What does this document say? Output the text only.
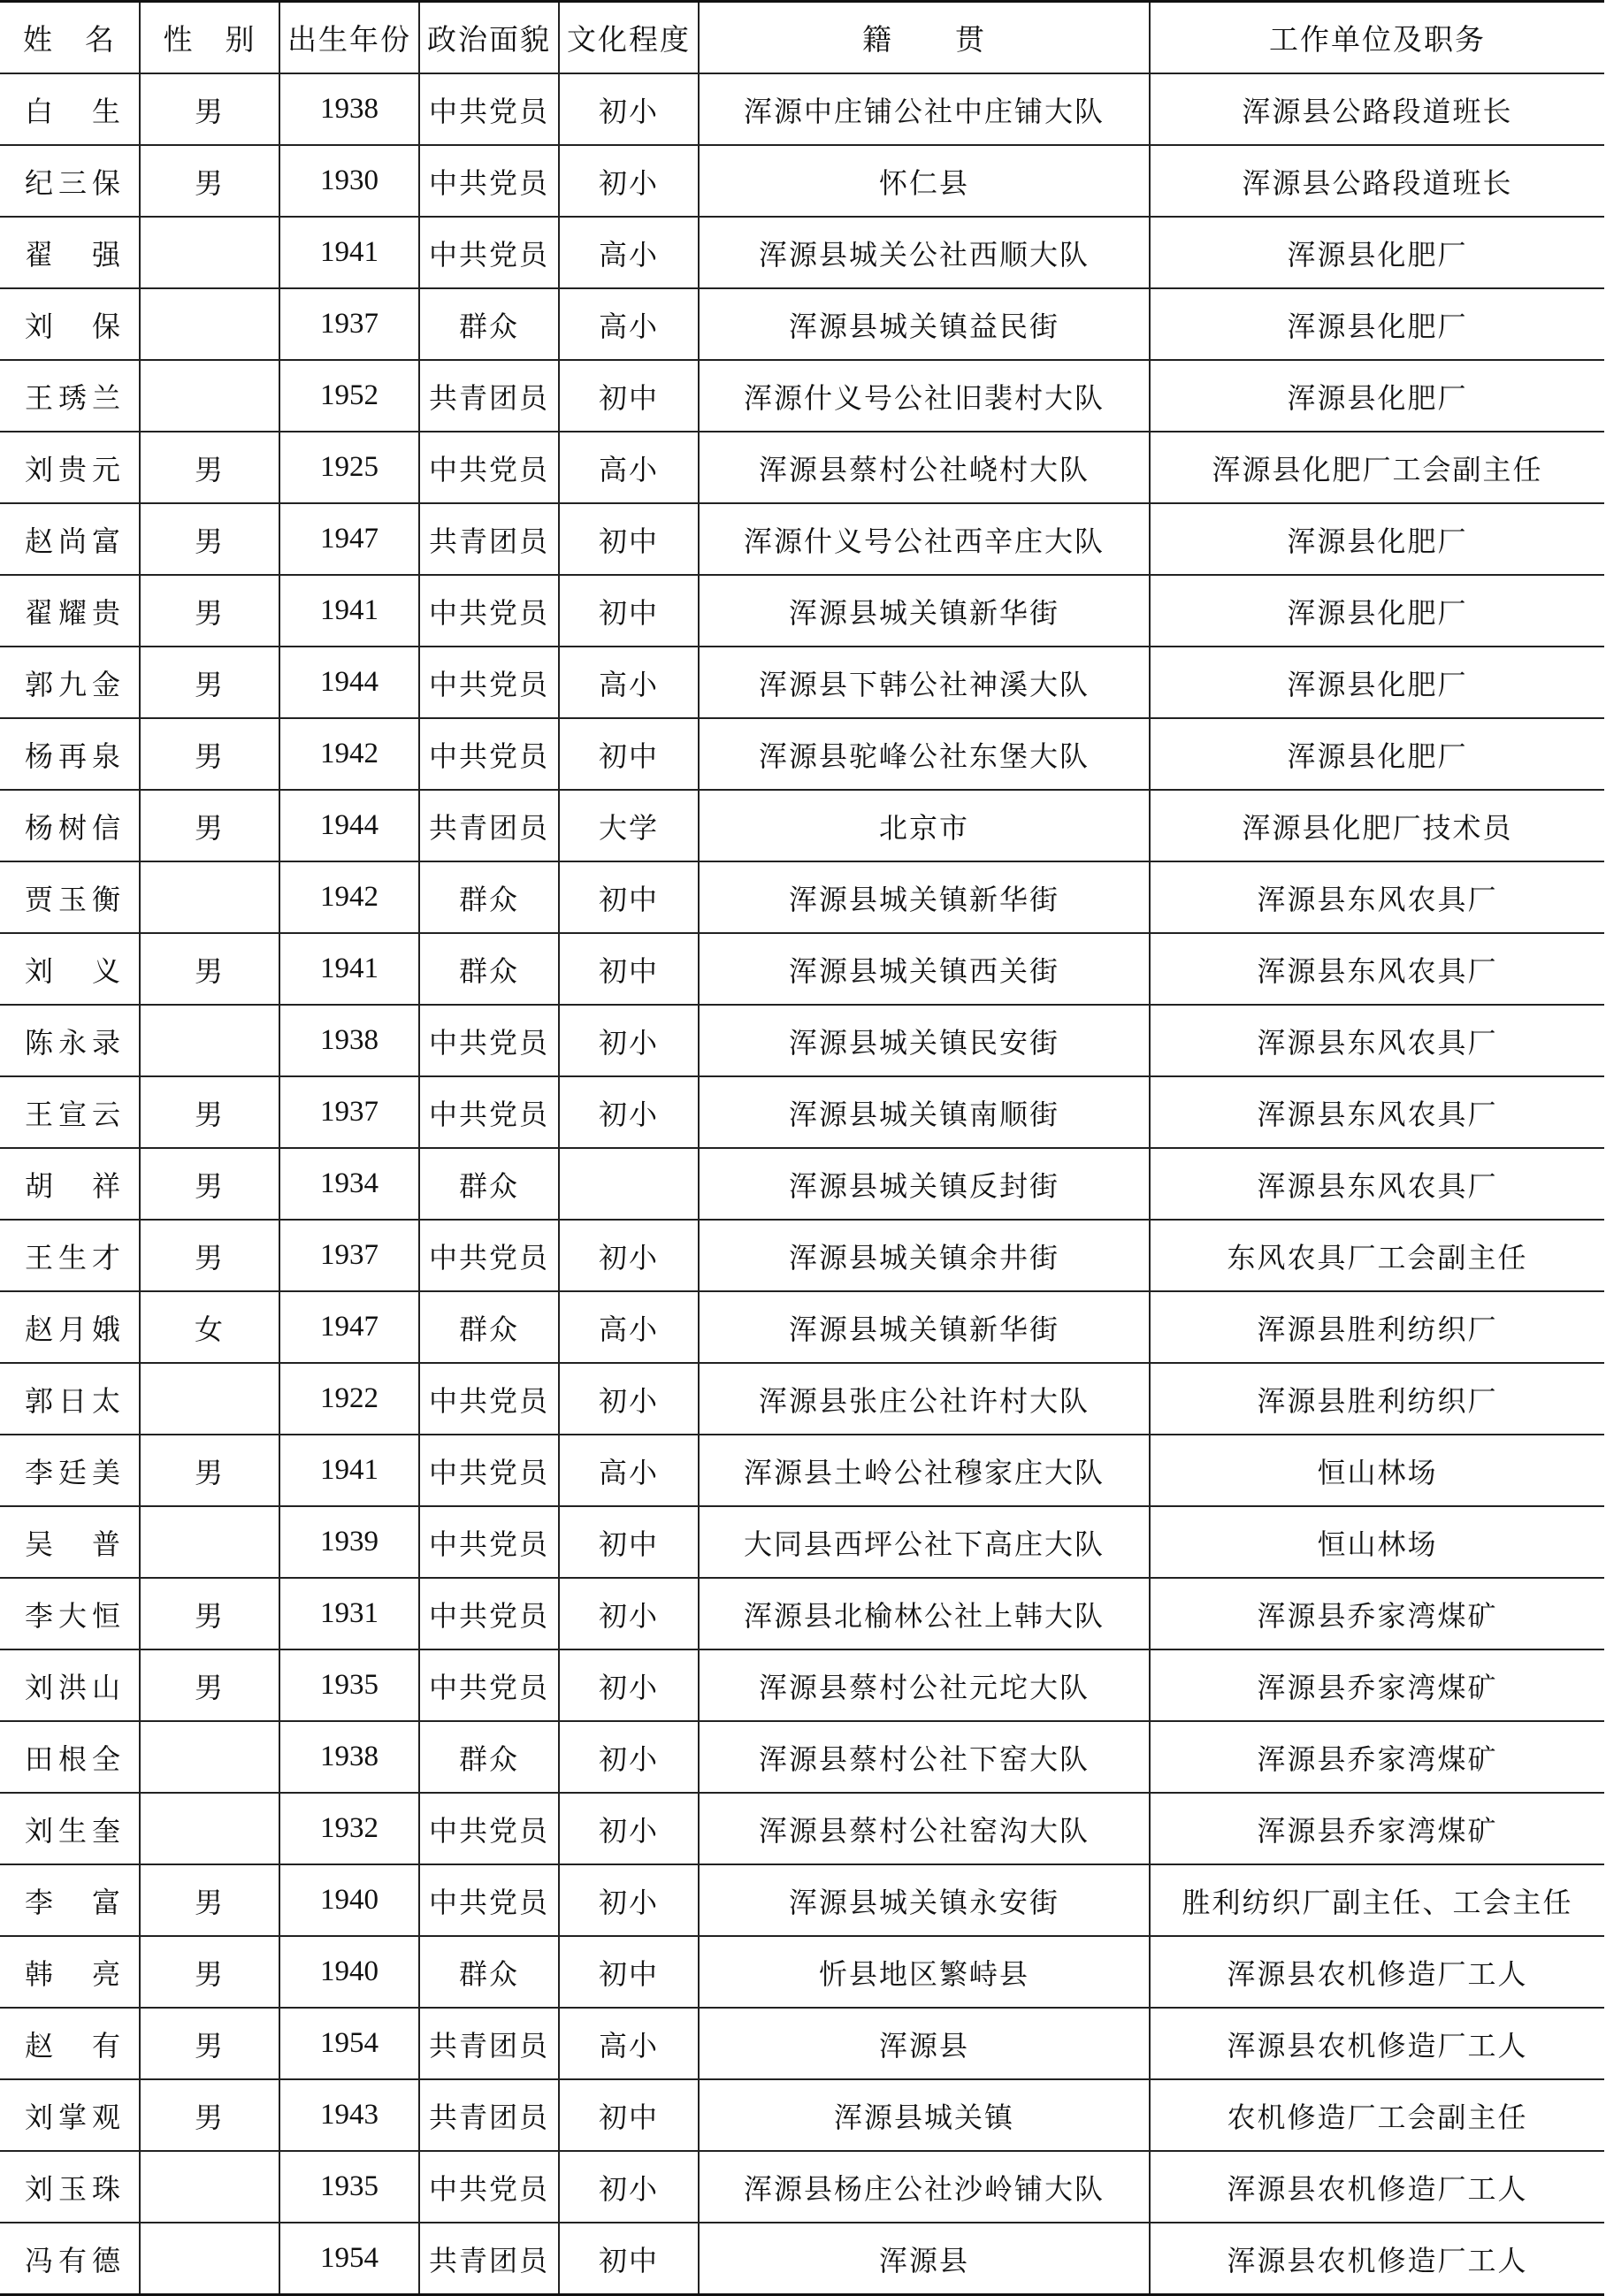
姓　名	性　别	出生年份	政治面貌	文化程度	籍　　贯	工作单位及职务
白　生	男	1938	中共党员	初小	浑源中庄铺公社中庄铺大队	浑源县公路段道班长
纪三保	男	1930	中共党员	初小	怀仁县	浑源县公路段道班长
翟　强		1941	中共党员	高小	浑源县城关公社西顺大队	浑源县化肥厂
刘　保		1937	群众	高小	浑源县城关镇益民街	浑源县化肥厂
王琇兰		1952	共青团员	初中	浑源什义号公社旧裴村大队	浑源县化肥厂
刘贵元	男	1925	中共党员	高小	浑源县蔡村公社峣村大队	浑源县化肥厂工会副主任
赵尚富	男	1947	共青团员	初中	浑源什义号公社西辛庄大队	浑源县化肥厂
翟耀贵	男	1941	中共党员	初中	浑源县城关镇新华街	浑源县化肥厂
郭九金	男	1944	中共党员	高小	浑源县下韩公社神溪大队	浑源县化肥厂
杨再泉	男	1942	中共党员	初中	浑源县驼峰公社东堡大队	浑源县化肥厂
杨树信	男	1944	共青团员	大学	北京市	浑源县化肥厂技术员
贾玉衡		1942	群众	初中	浑源县城关镇新华街	浑源县东风农具厂
刘　义	男	1941	群众	初中	浑源县城关镇西关街	浑源县东风农具厂
陈永录		1938	中共党员	初小	浑源县城关镇民安街	浑源县东风农具厂
王宣云	男	1937	中共党员	初小	浑源县城关镇南顺街	浑源县东风农具厂
胡　祥	男	1934	群众		浑源县城关镇反封街	浑源县东风农具厂
王生才	男	1937	中共党员	初小	浑源县城关镇余井街	东风农具厂工会副主任
赵月娥	女	1947	群众	高小	浑源县城关镇新华街	浑源县胜利纺织厂
郭日太		1922	中共党员	初小	浑源县张庄公社许村大队	浑源县胜利纺织厂
李廷美	男	1941	中共党员	高小	浑源县土岭公社穆家庄大队	恒山林场
吴　普		1939	中共党员	初中	大同县西坪公社下高庄大队	恒山林场
李大恒	男	1931	中共党员	初小	浑源县北榆林公社上韩大队	浑源县乔家湾煤矿
刘洪山	男	1935	中共党员	初小	浑源县蔡村公社元坨大队	浑源县乔家湾煤矿
田根全		1938	群众	初小	浑源县蔡村公社下窑大队	浑源县乔家湾煤矿
刘生奎		1932	中共党员	初小	浑源县蔡村公社窑沟大队	浑源县乔家湾煤矿
李　富	男	1940	中共党员	初小	浑源县城关镇永安街	胜利纺织厂副主任、工会主任
韩　亮	男	1940	群众	初中	忻县地区繁峙县	浑源县农机修造厂工人
赵　有	男	1954	共青团员	高小	浑源县	浑源县农机修造厂工人
刘掌观	男	1943	共青团员	初中	浑源县城关镇	农机修造厂工会副主任
刘玉珠		1935	中共党员	初小	浑源县杨庄公社沙岭铺大队	浑源县农机修造厂工人
冯有德		1954	共青团员	初中	浑源县	浑源县农机修造厂工人
